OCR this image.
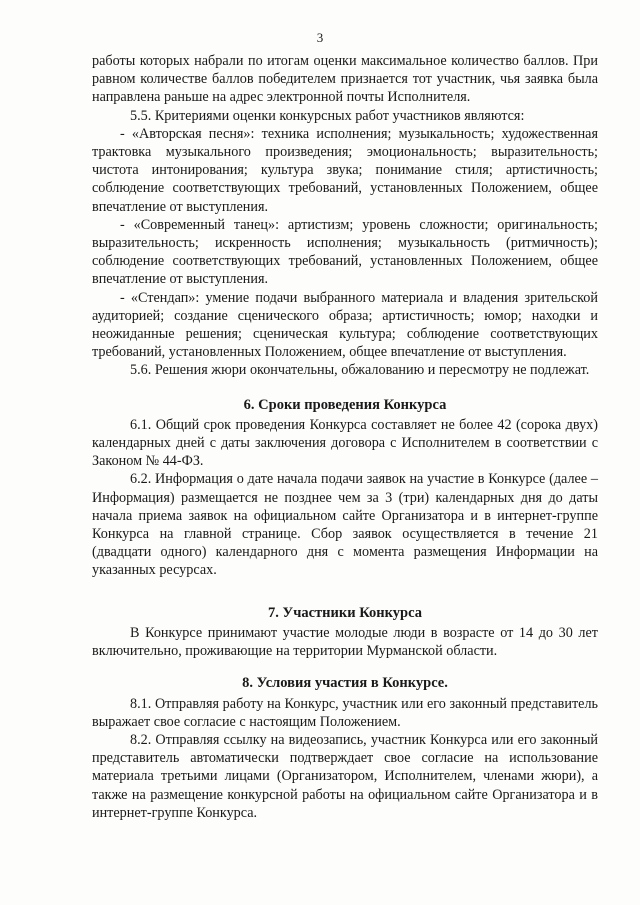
3

работы которых набрали по итогам оценки максимальное количество баллов. При равном количестве баллов победителем признается тот участник, чья заявка была направлена раньше на адрес электронной почты Исполнителя.

5.5. Критериями оценки конкурсных работ участников являются:

- «Авторская песня»: техника исполнения; музыкальность; художественная трактовка музыкального произведения; эмоциональность; выразительность; чистота интонирования; культура звука; понимание стиля; артистичность; соблюдение соответствующих требований, установленных Положением, общее впечатление от выступления.

- «Современный танец»: артистизм; уровень сложности; оригинальность; выразительность; искренность исполнения; музыкальность (ритмичность); соблюдение соответствующих требований, установленных Положением, общее впечатление от выступления.

- «Стендап»: умение подачи выбранного материала и владения зрительской аудиторией; создание сценического образа; артистичность; юмор; находки и неожиданные решения; сценическая культура; соблюдение соответствующих требований, установленных Положением, общее впечатление от выступления.

5.6. Решения жюри окончательны, обжалованию и пересмотру не подлежат.

6. Сроки проведения Конкурса

6.1. Общий срок проведения Конкурса составляет не более 42 (сорока двух) календарных дней с даты заключения договора с Исполнителем в соответствии с Законом № 44-ФЗ.

6.2. Информация о дате начала подачи заявок на участие в Конкурсе (далее – Информация) размещается не позднее чем за 3 (три) календарных дня до даты начала приема заявок на официальном сайте Организатора и в интернет-группе Конкурса на главной странице. Сбор заявок осуществляется в течение 21 (двадцати одного) календарного дня с момента размещения Информации на указанных ресурсах.

7. Участники Конкурса

В Конкурсе принимают участие молодые люди в возрасте от 14 до 30 лет включительно, проживающие на территории Мурманской области.

8. Условия участия в Конкурсе.

8.1. Отправляя работу на Конкурс, участник или его законный представитель выражает свое согласие с настоящим Положением.

8.2. Отправляя ссылку на видеозапись, участник Конкурса или его законный представитель автоматически подтверждает свое согласие на использование материала третьими лицами (Организатором, Исполнителем, членами жюри), а также на размещение конкурсной работы на официальном сайте Организатора и в интернет-группе Конкурса.
